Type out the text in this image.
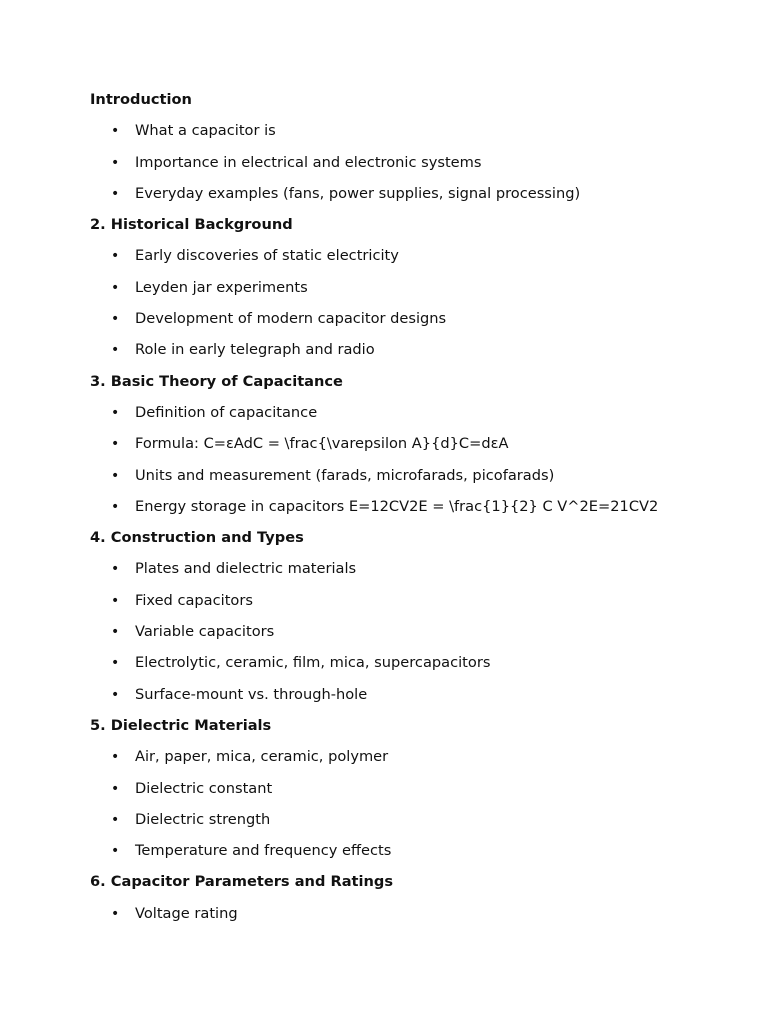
Introduction
• What a capacitor is
• Importance in electrical and electronic systems
• Everyday examples (fans, power supplies, signal processing)
2. Historical Background
• Early discoveries of static electricity
• Leyden jar experiments
• Development of modern capacitor designs
• Role in early telegraph and radio
3. Basic Theory of Capacitance
• Definition of capacitance
• Formula: C=εAdC = \frac{\varepsilon A}{d}C=dεA
• Units and measurement (farads, microfarads, picofarads)
• Energy storage in capacitors E=12CV2E = \frac{1}{2} C V^2E=21CV2
4. Construction and Types
• Plates and dielectric materials
• Fixed capacitors
• Variable capacitors
• Electrolytic, ceramic, film, mica, supercapacitors
• Surface-mount vs. through-hole
5. Dielectric Materials
• Air, paper, mica, ceramic, polymer
• Dielectric constant
• Dielectric strength
• Temperature and frequency effects
6. Capacitor Parameters and Ratings
• Voltage rating
